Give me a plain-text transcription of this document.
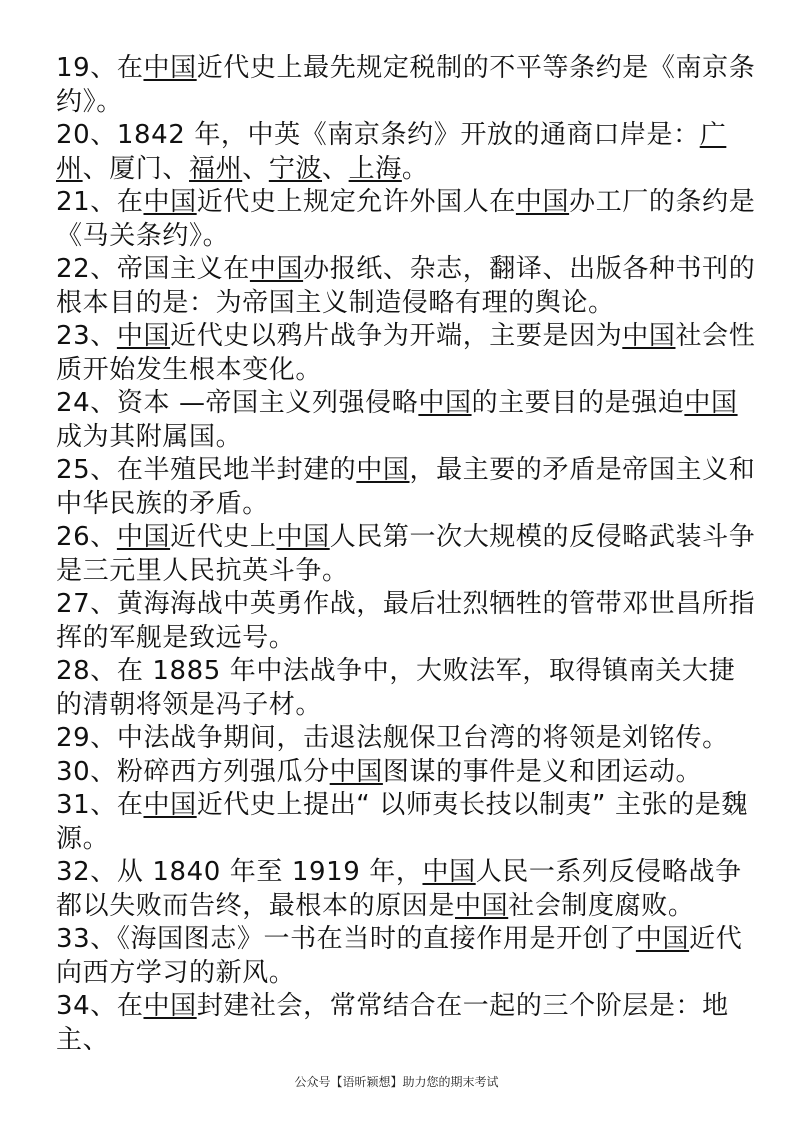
19、在中国近代史上最先规定税制的不平等条约是《南京条约》。

20、1842 年，中英《南京条约》开放的通商口岸是：广州、厦门、福州、宁波、上海。

21、在中国近代史上规定允许外国人在中国办工厂的条约是《马关条约》。

22、帝国主义在中国办报纸、杂志，翻译、出版各种书刊的根本目的是：为帝国主义制造侵略有理的舆论。

23、中国近代史以鸦片战争为开端，主要是因为中国社会性质开始发生根本变化。

24、资本 —帝国主义列强侵略中国的主要目的是强迫中国成为其附属国。

25、在半殖民地半封建的中国，最主要的矛盾是帝国主义和中华民族的矛盾。

26、中国近代史上中国人民第一次大规模的反侵略武装斗争是三元里人民抗英斗争。

27、黄海海战中英勇作战，最后壮烈牺牲的管带邓世昌所指挥的军舰是致远号。

28、在 1885 年中法战争中，大败法军，取得镇南关大捷的清朝将领是冯子材。

29、中法战争期间，击退法舰保卫台湾的将领是刘铭传。

30、粉碎西方列强瓜分中国图谋的事件是义和团运动。

31、在中国近代史上提出“ 以师夷长技以制夷” 主张的是魏源。

32、从 1840 年至 1919 年，中国人民一系列反侵略战争都以失败而告终，最根本的原因是中国社会制度腐败。

33、《海国图志》一书在当时的直接作用是开创了中国近代向西方学习的新风。

34、在中国封建社会，常常结合在一起的三个阶层是：地主、

公众号【语昕颖想】助力您的期末考试
